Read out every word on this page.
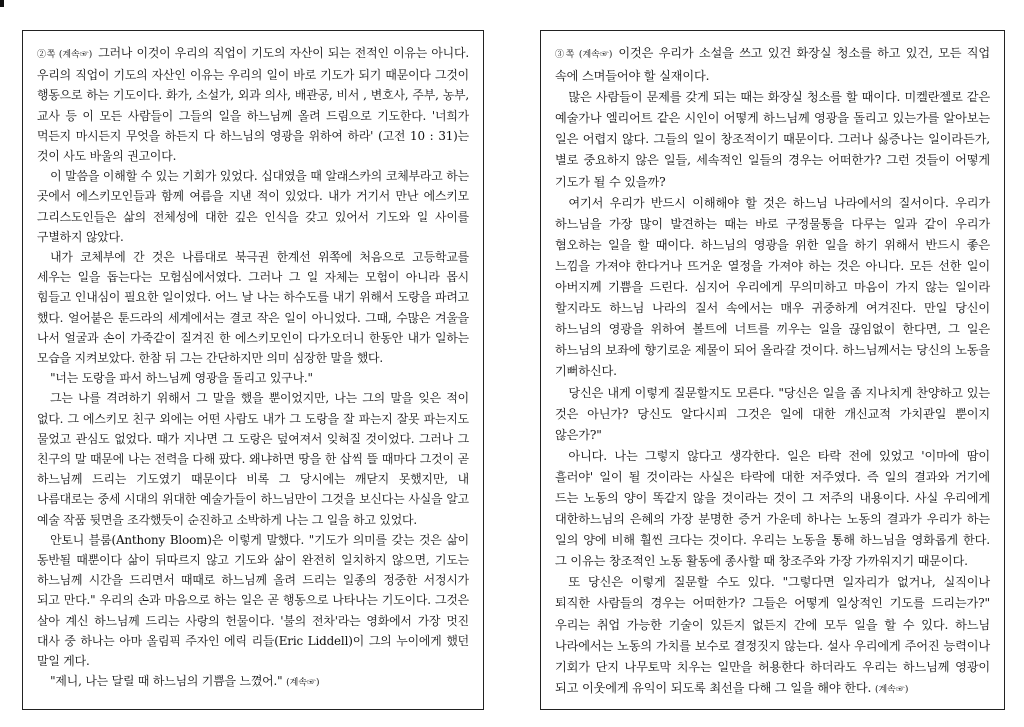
②쪽 (계속☞) 그러나 이것이 우리의 직업이 기도의 자산이 되는 전적인 이유는 아니다. 우리의 직업이 기도의 자산인 이유는 우리의 일이 바로 기도가 되기 때문이다 그것이 행동으로 하는 기도이다. 화가, 소설가, 외과 의사, 배관공, 비서 , 변호사, 주부, 농부, 교사 등 이 모든 사람들이 그들의 일을 하느님께 올려 드림으로 기도한다. '너희가 먹든지 마시든지 무엇을 하든지 다 하느님의 영광을 위하여 하라' (고전 10 : 31)는 것이 사도 바울의 권고이다.

이 말씀을 이해할 수 있는 기회가 있었다. 십대였을 때 알래스카의 코체부라고 하는 곳에서 에스키모인들과 함께 여름을 지낸 적이 있었다. 내가 거기서 만난 에스키모 그리스도인들은 삶의 전체성에 대한 깊은 인식을 갖고 있어서 기도와 일 사이를 구별하지 않았다.

내가 코체부에 간 것은 나름대로 북극권 한계선 위쪽에 처음으로 고등학교를 세우는 일을 돕는다는 모험심에서였다. 그러나 그 일 자체는 모험이 아니라 몹시 힘들고 인내심이 필요한 일이었다. 어느 날 나는 하수도를 내기 위해서 도랑을 파려고 했다. 얼어붙은 툰드라의 세계에서는 결코 작은 일이 아니었다. 그때, 수많은 겨울을 나서 얼굴과 손이 가죽같이 질겨진 한 에스키모인이 다가오더니 한동안 내가 일하는 모습을 지켜보았다. 한참 뒤 그는 간단하지만 의미 심장한 말을 했다.

"너는 도랑을 파서 하느님께 영광을 돌리고 있구나."

그는 나를 격려하기 위해서 그 말을 했을 뿐이었지만, 나는 그의 말을 잊은 적이 없다. 그 에스키모 친구 외에는 어떤 사람도 내가 그 도랑을 잘 파는지 잘못 파는지도 물었고 관심도 없었다. 때가 지나면 그 도랑은 덮여져서 잊혀질 것이었다. 그러나 그 친구의 말 때문에 나는 전력을 다해 팠다. 왜냐하면 땅을 한 삽씩 뜰 때마다 그것이 곧 하느님께 드리는 기도였기 때문이다 비록 그 당시에는 깨닫지 못했지만, 내 나름대로는 중세 시대의 위대한 예술가들이 하느님만이 그것을 보신다는 사실을 알고 예술 작품 뒷면을 조각했듯이 순진하고 소박하게 나는 그 일을 하고 있었다.

안토니 블룸(Anthony Bloom)은 이렇게 말했다. "기도가 의미를 갖는 것은 삶이 동반될 때뿐이다 삶이 뒤따르지 않고 기도와 삶이 완전히 일치하지 않으면, 기도는 하느님께 시간을 드리면서 때때로 하느님께 올려 드리는 일종의 정중한 서정시가 되고 만다." 우리의 손과 마음으로 하는 일은 곧 행동으로 나타나는 기도이다. 그것은 살아 계신 하느님께 드리는 사랑의 헌물이다. '불의 전차'라는 영화에서 가장 멋진 대사 중 하나는 아마 올림픽 주자인 에릭 리들(Eric Liddell)이 그의 누이에게 했던 말일 게다.

"제니, 나는 달릴 때 하느님의 기쁨을 느꼈어." (계속☞)

③쪽 (계속☞) 이것은 우리가 소설을 쓰고 있건 화장실 청소를 하고 있건, 모든 직업 속에 스며들어야 할 실재이다.

많은 사람들이 문제를 갖게 되는 때는 화장실 청소를 할 때이다. 미켈란젤로 같은 예술가나 엘리어트 같은 시인이 어떻게 하느님께 영광을 돌리고 있는가를 알아보는 일은 어렵지 않다. 그들의 일이 창조적이기 때문이다. 그러나 싫증나는 일이라든가, 별로 중요하지 않은 일들, 세속적인 일들의 경우는 어떠한가? 그런 것들이 어떻게 기도가 될 수 있을까?

여기서 우리가 반드시 이해해야 할 것은 하느님 나라에서의 질서이다. 우리가 하느님을 가장 많이 발견하는 때는 바로 구정물통을 다루는 일과 같이 우리가 혐오하는 일을 할 때이다. 하느님의 영광을 위한 일을 하기 위해서 반드시 좋은 느낌을 가져야 한다거나 뜨거운 열정을 가져야 하는 것은 아니다. 모든 선한 일이 아버지께 기쁨을 드린다. 심지어 우리에게 무의미하고 마음이 가지 않는 일이라 할지라도 하느님 나라의 질서 속에서는 매우 귀중하게 여겨진다. 만일 당신이 하느님의 영광을 위하여 볼트에 너트를 끼우는 일을 끊임없이 한다면, 그 일은 하느님의 보좌에 향기로운 제물이 되어 올라갈 것이다. 하느님께서는 당신의 노동을 기뻐하신다.

당신은 내게 이렇게 질문할지도 모른다. "당신은 일을 좀 지나치게 찬양하고 있는 것은 아닌가? 당신도 알다시피 그것은 일에 대한 개신교적 가치관일 뿐이지 않은가?"

아니다. 나는 그렇지 않다고 생각한다. 일은 타락 전에 있었고 '이마에 땀이 흘러야' 일이 될 것이라는 사실은 타락에 대한 저주였다. 즉 일의 결과와 거기에 드는 노동의 양이 똑같지 않을 것이라는 것이 그 저주의 내용이다. 사실 우리에게 대한하느님의 은혜의 가장 분명한 증거 가운데 하나는 노동의 결과가 우리가 하는 일의 양에 비해 훨씬 크다는 것이다. 우리는 노동을 통해 하느님을 영화롭게 한다. 그 이유는 창조적인 노동 활동에 종사할 때 창조주와 가장 가까워지기 때문이다.

또 당신은 이렇게 질문할 수도 있다. "그렇다면 일자리가 없거나, 실직이나 퇴직한 사람들의 경우는 어떠한가? 그들은 어떻게 일상적인 기도를 드리는가?" 우리는 취업 가능한 기술이 있든지 없든지 간에 모두 일을 할 수 있다. 하느님 나라에서는 노동의 가치를 보수로 결정짓지 않는다. 설사 우리에게 주어진 능력이나 기회가 단지 나무토막 치우는 일만을 허용한다 하더라도 우리는 하느님께 영광이 되고 이웃에게 유익이 되도록 최선을 다해 그 일을 해야 한다. (계속☞)
